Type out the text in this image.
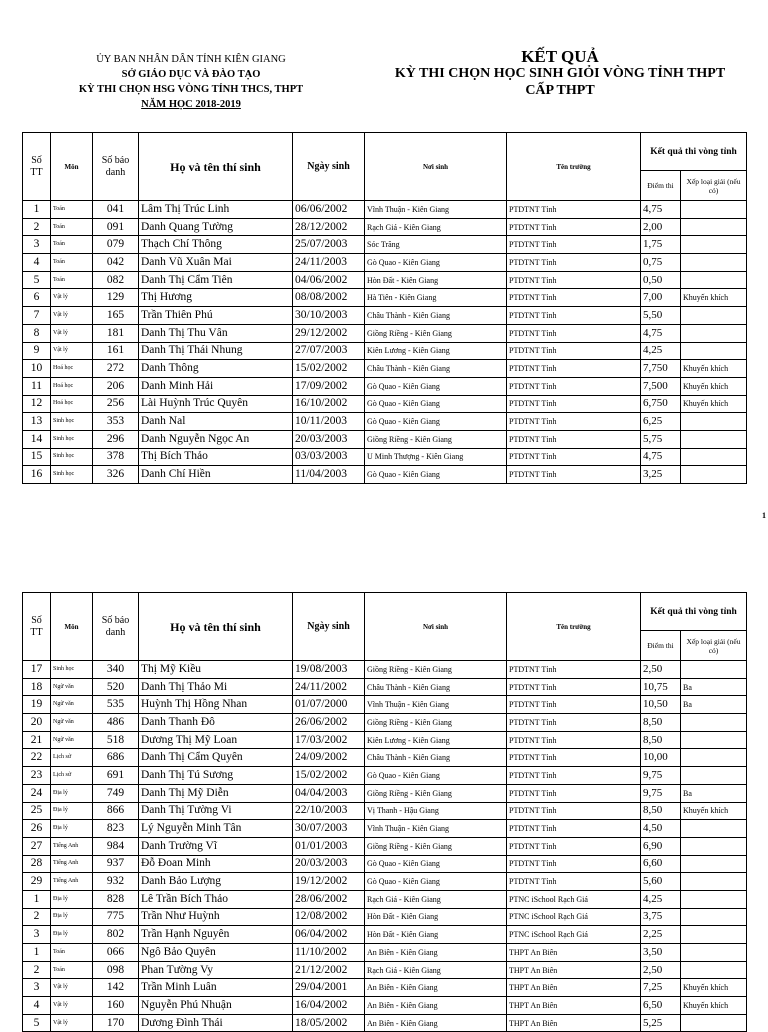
ỦY BAN NHÂN DÂN TỈNH KIÊN GIANG
SỞ GIÁO DỤC VÀ ĐÀO TẠO
KỲ THI CHỌN HSG VÒNG TỈNH THCS, THPT
NĂM HỌC 2018-2019
KẾT QUẢ
KỲ THI CHỌN HỌC SINH GIỎI VÒNG TỈNH THPT
CẤP THPT
1
Số TT	Môn	Số báo danh	Họ và tên thí sinh	Ngày sinh	Nơi sinh	Tên trường	Kết quả thi vòng tỉnh	
							Điểm thi	Xếp loại giải (nếu có)
1	Toán	041	Lâm Thị Trúc Linh	06/06/2002	Vĩnh Thuận - Kiên Giang	PTDTNT Tỉnh	4,75	
2	Toán	091	Danh Quang Tường	28/12/2002	Rạch Giá - Kiên Giang	PTDTNT Tỉnh	2,00	
3	Toán	079	Thạch Chí Thông	25/07/2003	Sóc Trăng	PTDTNT Tỉnh	1,75	
4	Toán	042	Danh Vũ Xuân Mai	24/11/2003	Gò Quao - Kiên Giang	PTDTNT Tỉnh	0,75	
5	Toán	082	Danh Thị Cẩm Tiên	04/06/2002	Hòn Đất - Kiên Giang	PTDTNT Tỉnh	0,50	
6	Vật lý	129	Thị Hương	08/08/2002	Hà Tiên - Kiên Giang	PTDTNT Tỉnh	7,00	Khuyến khích
7	Vật lý	165	Trần Thiên Phú	30/10/2003	Châu Thành - Kiên Giang	PTDTNT Tỉnh	5,50	
8	Vật lý	181	Danh Thị Thu Vân	29/12/2002	Giồng Riềng - Kiên Giang	PTDTNT Tỉnh	4,75	
9	Vật lý	161	Danh Thị Thái Nhung	27/07/2003	Kiên Lương - Kiên Giang	PTDTNT Tỉnh	4,25	
10	Hoá học	272	Danh Thông	15/02/2002	Châu Thành - Kiên Giang	PTDTNT Tỉnh	7,750	Khuyến khích
11	Hoá học	206	Danh Minh Hải	17/09/2002	Gò Quao - Kiên Giang	PTDTNT Tỉnh	7,500	Khuyến khích
12	Hoá học	256	Lài Huỳnh Trúc Quyên	16/10/2002	Gò Quao - Kiên Giang	PTDTNT Tỉnh	6,750	Khuyến khích
13	Sinh học	353	Danh Nal	10/11/2003	Gò Quao - Kiên Giang	PTDTNT Tỉnh	6,25	
14	Sinh học	296	Danh Nguyễn Ngọc An	20/03/2003	Giồng Riềng - Kiên Giang	PTDTNT Tỉnh	5,75	
15	Sinh học	378	Thị Bích Thảo	03/03/2003	U Minh Thượng - Kiên Giang	PTDTNT Tỉnh	4,75	
16	Sinh học	326	Danh Chí Hiền	11/04/2003	Gò Quao - Kiên Giang	PTDTNT Tỉnh	3,25	
Số TT	Môn	Số báo danh	Họ và tên thí sinh	Ngày sinh	Nơi sinh	Tên trường	Kết quả thi vòng tỉnh	
							Điểm thi	Xếp loại giải (nếu có)
17	Sinh học	340	Thị Mỹ Kiều	19/08/2003	Giồng Riềng - Kiên Giang	PTDTNT Tỉnh	2,50	
18	Ngữ văn	520	Danh Thị Thảo Mi	24/11/2002	Châu Thành - Kiên Giang	PTDTNT Tỉnh	10,75	Ba
19	Ngữ văn	535	Huỳnh Thị Hồng Nhan	01/07/2000	Vĩnh Thuận - Kiên Giang	PTDTNT Tỉnh	10,50	Ba
20	Ngữ văn	486	Danh Thanh Đô	26/06/2002	Giồng Riềng - Kiên Giang	PTDTNT Tỉnh	8,50	
21	Ngữ văn	518	Dương Thị Mỹ Loan	17/03/2002	Kiên Lương - Kiên Giang	PTDTNT Tỉnh	8,50	
22	Lịch sử	686	Danh Thị Cẩm Quyên	24/09/2002	Châu Thành - Kiên Giang	PTDTNT Tỉnh	10,00	
23	Lịch sử	691	Danh Thị Tú Sương	15/02/2002	Gò Quao - Kiên Giang	PTDTNT Tỉnh	9,75	
24	Địa lý	749	Danh Thị Mỹ Diễn	04/04/2003	Giồng Riềng - Kiên Giang	PTDTNT Tỉnh	9,75	Ba
25	Địa lý	866	Danh Thị Tường Vi	22/10/2003	Vị Thanh - Hậu Giang	PTDTNT Tỉnh	8,50	Khuyến khích
26	Địa lý	823	Lý Nguyễn Minh Tân	30/07/2003	Vĩnh Thuận - Kiên Giang	PTDTNT Tỉnh	4,50	
27	Tiếng Anh	984	Danh Trường Vĩ	01/01/2003	Giồng Riềng - Kiên Giang	PTDTNT Tỉnh	6,90	
28	Tiếng Anh	937	Đỗ Đoan Minh	20/03/2003	Gò Quao - Kiên Giang	PTDTNT Tỉnh	6,60	
29	Tiếng Anh	932	Danh Bảo Lượng	19/12/2002	Gò Quao - Kiên Giang	PTDTNT Tỉnh	5,60	
1	Địa lý	828	Lê Trần Bích Thảo	28/06/2002	Rạch Giá - Kiên Giang	PTNC iSchool Rạch Giá	4,25	
2	Địa lý	775	Trần Như Huỳnh	12/08/2002	Hòn Đất - Kiên Giang	PTNC iSchool Rạch Giá	3,75	
3	Địa lý	802	Trần Hạnh Nguyên	06/04/2002	Hòn Đất - Kiên Giang	PTNC iSchool Rạch Giá	2,25	
1	Toán	066	Ngô Bảo Quyên	11/10/2002	An Biên - Kiên Giang	THPT An Biên	3,50	
2	Toán	098	Phan Tường Vy	21/12/2002	Rạch Giá - Kiên Giang	THPT An Biên	2,50	
3	Vật lý	142	Trần Minh Luân	29/04/2001	An Biên - Kiên Giang	THPT An Biên	7,25	Khuyến khích
4	Vật lý	160	Nguyễn Phú Nhuận	16/04/2002	An Biên - Kiên Giang	THPT An Biên	6,50	Khuyến khích
5	Vật lý	170	Dương Đình Thái	18/05/2002	An Biên - Kiên Giang	THPT An Biên	5,25	
